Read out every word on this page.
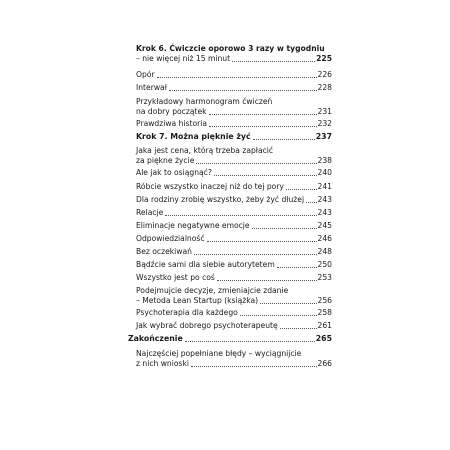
Krok 6. Ćwiczcie oporowo 3 razy w tygodniu
– nie więcej niż 15 minut	225
Opór	226
Interwał	228
Przykładowy harmonogram ćwiczeń
na dobry początek	231
Prawdziwa historia	232
Krok 7. Można pięknie żyć	237
Jaka jest cena, którą trzeba zapłacić
za piękne życie	238
Ale jak to osiągnąć?	240
Róbcie wszystko inaczej niż do tej pory	241
Dla rodziny zrobię wszystko, żeby żyć dłużej 243
Relacje	243
Eliminacje negatywne emocje	245
Odpowiedzialność	246
Bez oczekiwań	248
Bądźcie sami dla siebie autorytetem	250
Wszystko jest po coś	253
Podejmujcie decyzje, zmieniajcie zdanie
– Metoda Lean Startup (książka)	256
Psychoterapia dla każdego	258
Jak wybrać dobrego psychoterapeutę	261
Zakończenie	265
Najczęściej popełniane błędy – wyciągnijcie
z nich wnioski	266
